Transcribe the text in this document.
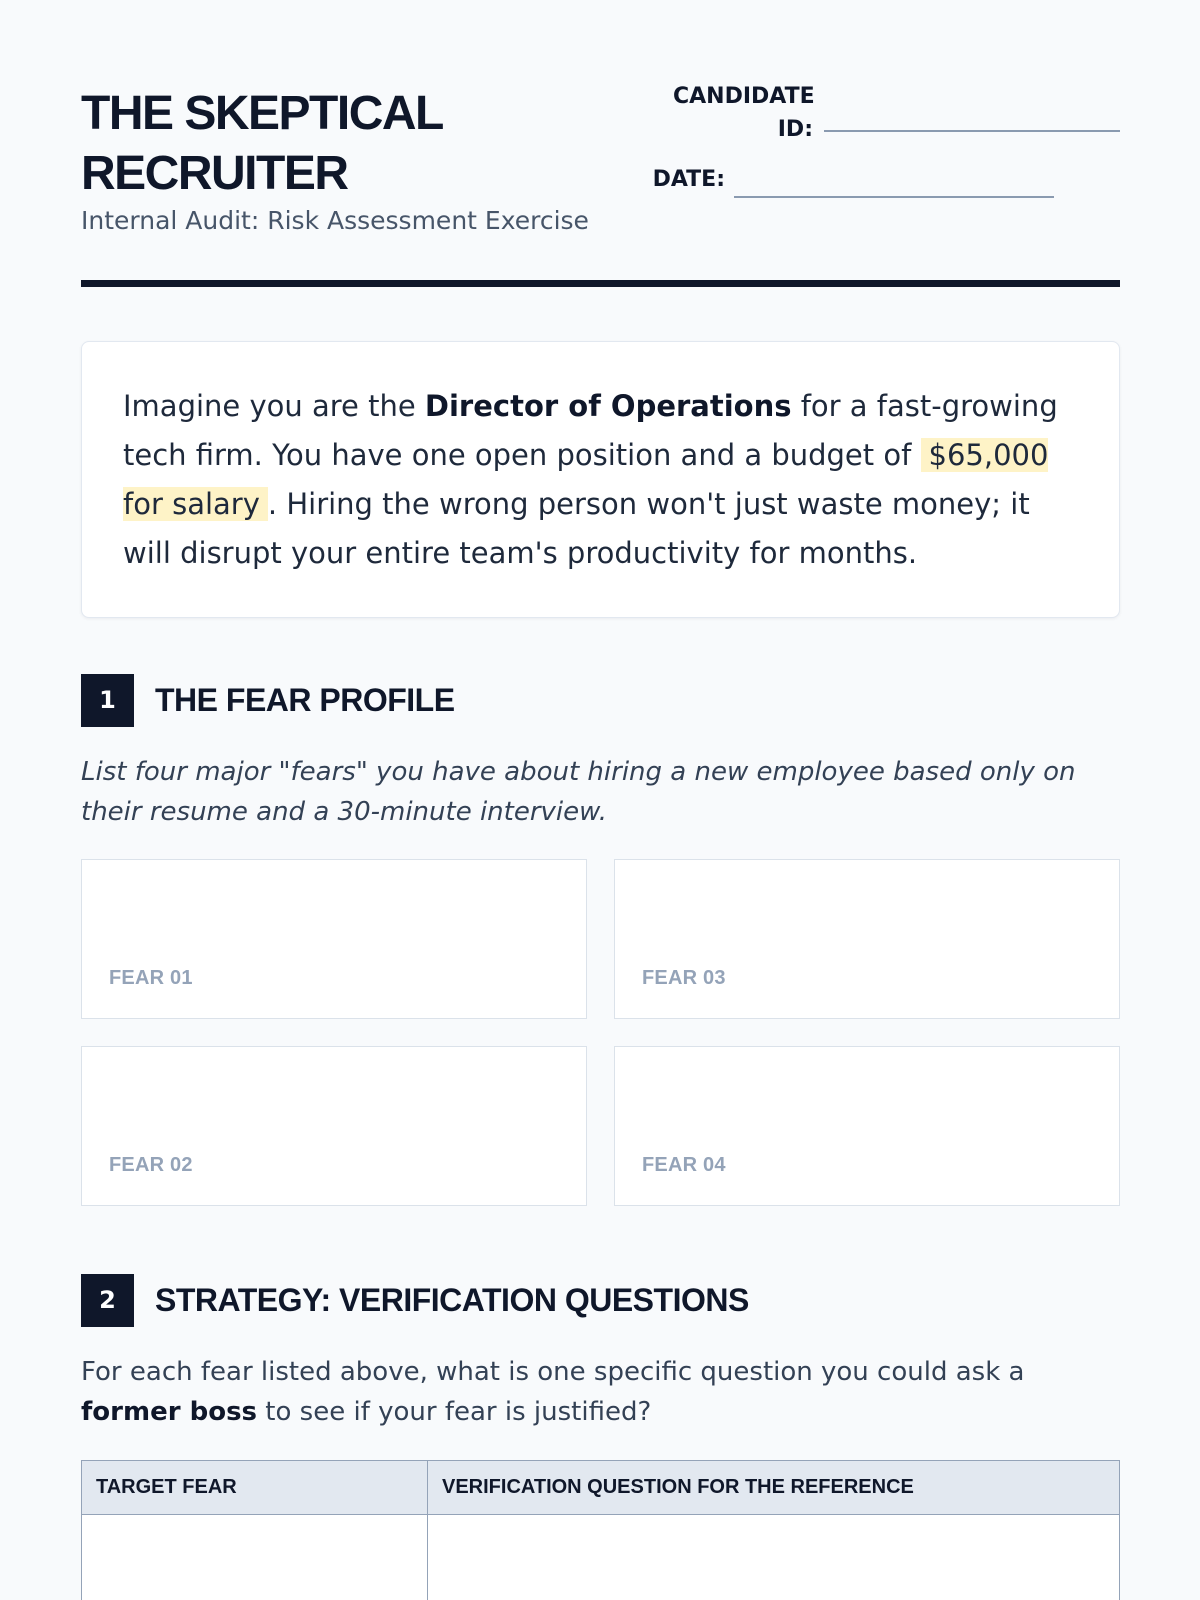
THE SKEPTICAL RECRUITER
Internal Audit: Risk Assessment Exercise
CANDIDATE ID:
DATE:

Imagine you are the Director of Operations for a fast-growing tech firm. You have one open position and a budget of $65,000 for salary . Hiring the wrong person won't just waste money; it will disrupt your entire team's productivity for months.

1	THE FEAR PROFILE
List four major "fears" you have about hiring a new employee based only on their resume and a 30-minute interview.
FEAR 01	FEAR 03
FEAR 02	FEAR 04
2	STRATEGY: VERIFICATION QUESTIONS
For each fear listed above, what is one specific question you could ask a former boss to see if your fear is justified?
TARGET FEAR	VERIFICATION QUESTION FOR THE REFERENCE
